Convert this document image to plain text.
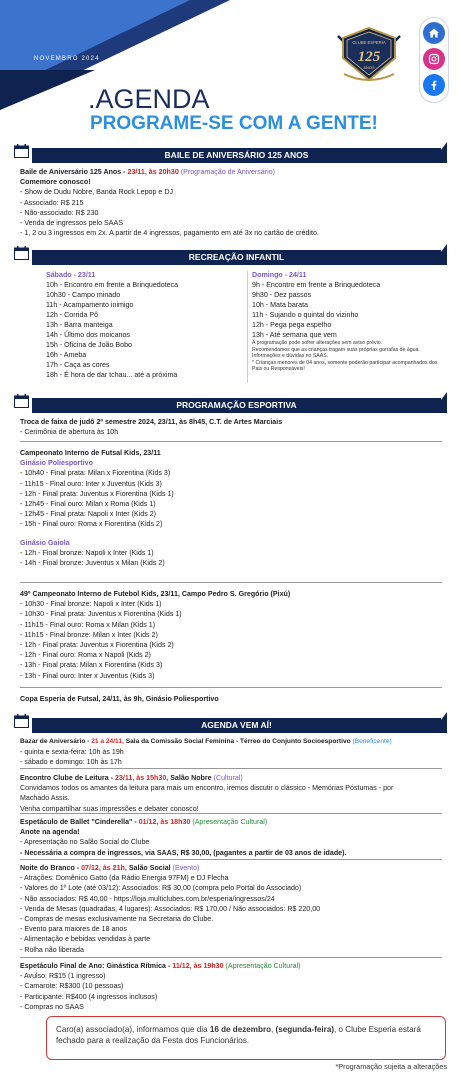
NOVEMBRO 2024
.AGENDA
PROGRAME-SE COM A GENTE!
CLUBE ESPERIA
125
ANOS
BAILE DE ANIVERSÁRIO 125 ANOS
Baile de Aniversário 125 Anos - 23/11, às 20h30 (Programação de Aniversário)
Comemore conosco!
- Show de Dudu Nobre, Banda Rock Lepop e DJ
- Associado: R$ 215
- Não-associado: R$ 230
- Venda de ingressos pelo SAAS
- 1, 2 ou 3 ingressos em 2x. A partir de 4 ingressos, pagamento em até 3x no cartão de crédito.
RECREAÇÃO INFANTIL
Sábado - 23/11
10h - Encontro em frente a Brinquedoteca
10h30 - Campo minado
11h - Acampamento inimigo
12h - Corrida Pô
13h - Barra manteiga
14h - Último dos moicanos
15h - Oficina de João Bobo
16h - Ameba
17h - Caça as cores
18h - É hora de dar tchau... até a próxima
Domingo - 24/11
9h - Encontro em frente a Brinquedoteca
9h30 - Dez passos
10h - Mata barata
11h - Sujando o quintal do vizinho
12h - Pega pega espelho
13h - Até semana que vem
A programação pode sofrer alterações sem aviso prévio.
Recomendamos que as crianças tragam suas próprias garrafas de água.
Informações e dúvidas no SAAS.
* Crianças menores de 04 anos, somente poderão participar acompanhados dos
Pais ou Responsáveis!
PROGRAMAÇÃO ESPORTIVA
Troca de faixa de judô 2º semestre 2024, 23/11, às 8h45, C.T. de Artes Marciais
- Cerimônia de abertura às 10h
Campeonato Interno de Futsal Kids, 23/11
Ginásio Poliesportivo
- 10h40 - Final prata: Milan x Fiorentina (Kids 3)
- 11h15 - Final ouro: Inter x Juventus (Kids 3)
- 12h - Final prata: Juventus x Fiorentina (Kids 1)
- 12h45 - Final ouro: Milan x Roma (Kids 1)
- 12h45 - Final prata: Napoli x Inter (Kids 2)
- 15h - Final ouro: Roma x Fiorentina (Kids 2)
Ginásio Gaiola
- 12h - Final bronze: Napoli x Inter (Kids 1)
- 14h - Final bronze: Juventus x Milan (Kids 2)
49º Campeonato Interno de Futebol Kids, 23/11, Campo Pedro S. Gregório (Pixú)
- 10h30 - Final bronze: Napoli x Inter (Kids 1)
- 10h30 - Final prata: Juventus x Fiorentina (Kids 1)
- 11h15 - Final ouro: Roma x Milan (Kids 1)
- 11h15 - Final bronze: Milan x Inter (Kids 2)
- 12h - Final prata: Juventus x Fiorentina (Kids 2)
- 12h - Final ouro: Roma x Napoli (Kids 2)
- 13h - Final prata: Milan x Fiorentina (Kids 3)
- 13h - Final ouro: Inter x Juventus (Kids 3)
Copa Esperia de Futsal, 24/11, às 9h, Ginásio Poliesportivo
AGENDA VEM AÍ!
Bazar de Aniversário - 21 a 24/11, Sala da Comissão Social Feminina - Térreo do Conjunto Socioesportivo (Beneficente)
- quinta e sexta-feira: 10h às 19h
- sábado e domingo: 10h às 17h
Encontro Clube de Leitura - 23/11, às 15h30, Salão Nobre (Cultural)
Convidamos todos os amantes da leitura para mais um encontro, iremos discutir o clássico - Memórias Póstumas - por
Machado Assis.
Venha compartilhar suas impressões e debater conosco!
Espetáculo de Ballet "Cinderella" - 01/12, às 18h30 (Apresentação Cultural)
Anote na agenda!
- Apresentação no Salão Social do Clube
- Necessária a compra de ingressos, via SAAS, R$ 30,00, (pagantes a partir de 03 anos de idade).
Noite do Branco - 07/12, às 21h, Salão Social (Evento)
- Atrações: Domênico Gatto (da Rádio Energia 97FM) e DJ Flecha
- Valores do 1º Lote (até 03/12): Associados: R$ 30,00 (compra pelo Portal do Associado)
- Não associados: R$ 40,00 - https://loja.multiclubes.com.br/esperia/ingressos/24
- Venda de Mesas (quadradas, 4 lugares): Associados: R$ 170,00 / Não associados: R$ 220,00
- Compras de mesas exclusivamente na Secretaria do Clube.
- Evento para maiores de 18 anos
- Alimentação e bebidas vendidas à parte
- Rolha não liberada
Espetáculo Final de Ano: Ginástica Rítmica - 11/12, às 19h30 (Apresentação Cultural)
- Avulso: R$15 (1 ingresso)
- Camarote: R$300 (10 pessoas)
- Participante: R$400 (4 ingressos inclusos)
- Compras no SAAS
Caro(a) associado(a), informamos que dia 16 de dezembro, (segunda-feira), o Clube Esperia estará fechado para a realização da Festa dos Funcionários.
*Programação sujeita a alterações
